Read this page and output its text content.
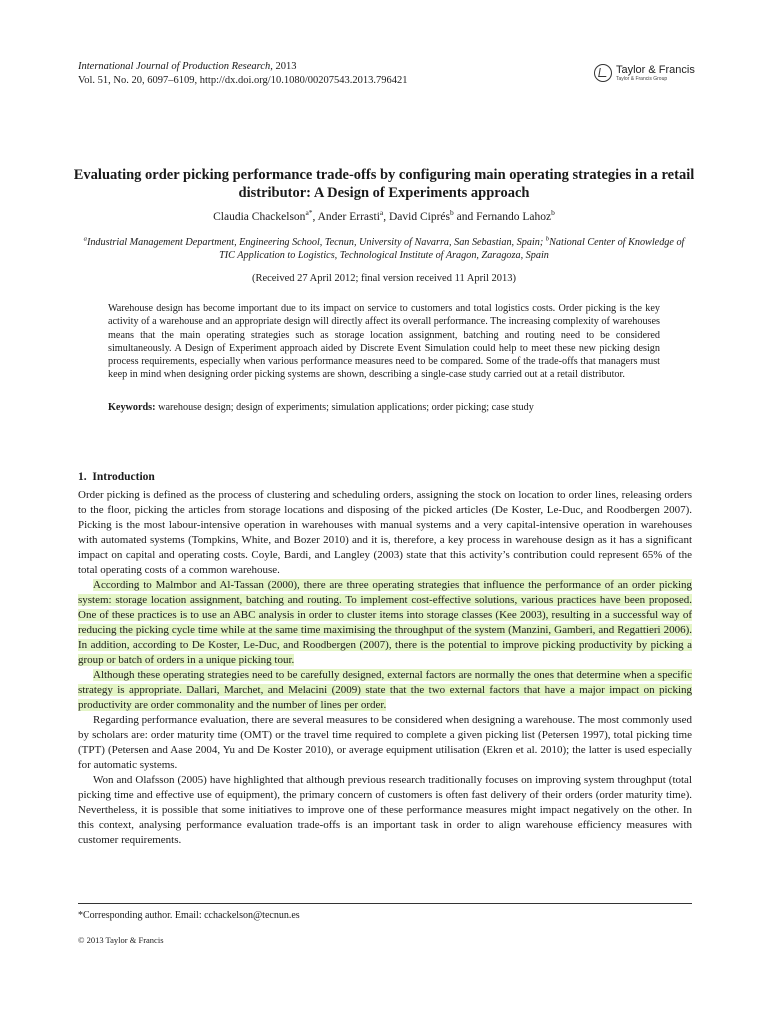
International Journal of Production Research, 2013
Vol. 51, No. 20, 6097–6109, http://dx.doi.org/10.1080/00207543.2013.796421
Taylor & Francis
Taylor & Francis Group
Evaluating order picking performance trade-offs by configuring main operating strategies in a retail distributor: A Design of Experiments approach
Claudia Chackelson$^{a*}$, Ander Errasti$^a$, David Ciprés$^b$ and Fernando Lahoz$^b$
$^a$Industrial Management Department, Engineering School, Tecnun, University of Navarra, San Sebastian, Spain; $^b$National Center of Knowledge of TIC Application to Logistics, Technological Institute of Aragon, Zaragoza, Spain
(Received 27 April 2012; final version received 11 April 2013)
Warehouse design has become important due to its impact on service to customers and total logistics costs. Order picking is the key activity of a warehouse and an appropriate design will directly affect its overall performance. The increasing complexity of warehouses means that the main operating strategies such as storage location assignment, batching and routing need to be considered simultaneously. A Design of Experiment approach aided by Discrete Event Simulation could help to meet these new picking design process requirements, especially when various performance measures need to be compared. Some of the trade-offs that managers must keep in mind when designing order picking systems are shown, describing a single-case study carried out at a retail distributor.
Keywords: warehouse design; design of experiments; simulation applications; order picking; case study
1. Introduction

Order picking is defined as the process of clustering and scheduling orders, assigning the stock on location to order lines, releasing orders to the floor, picking the articles from storage locations and disposing of the picked articles (De Koster, Le-Duc, and Roodbergen 2007). Picking is the most labour-intensive operation in warehouses with manual systems and a very capital-intensive operation in warehouses with automated systems (Tompkins, White, and Bozer 2010) and it is, therefore, a key process in warehouse design as it has a significant impact on capital and operating costs. Coyle, Bardi, and Langley (2003) state that this activity’s contribution could represent 65% of the total operating costs of a common warehouse.

According to Malmbor and Al-Tassan (2000), there are three operating strategies that influence the performance of an order picking system: storage location assignment, batching and routing. To implement cost-effective solutions, various practices have been proposed. One of these practices is to use an ABC analysis in order to cluster items into storage classes (Kee 2003), resulting in a successful way of reducing the picking cycle time while at the same time maximising the throughput of the system (Manzini, Gamberi, and Regattieri 2006). In addition, according to De Koster, Le-Duc, and Roodbergen (2007), there is the potential to improve picking productivity by picking a group or batch of orders in a unique picking tour.

Although these operating strategies need to be carefully designed, external factors are normally the ones that determine when a specific strategy is appropriate. Dallari, Marchet, and Melacini (2009) state that the two external factors that have a major impact on picking productivity are order commonality and the number of lines per order.

Regarding performance evaluation, there are several measures to be considered when designing a warehouse. The most commonly used by scholars are: order maturity time (OMT) or the travel time required to complete a given picking list (Petersen 1997), total picking time (TPT) (Petersen and Aase 2004, Yu and De Koster 2010), or average equipment utilisation (Ekren et al. 2010); the latter is used especially for automatic systems.

Won and Olafsson (2005) have highlighted that although previous research traditionally focuses on improving system throughput (total picking time and effective use of equipment), the primary concern of customers is often fast delivery of their orders (order maturity time). Nevertheless, it is possible that some initiatives to improve one of these performance measures might impact negatively on the other. In this context, analysing performance evaluation trade-offs is an important task in order to align warehouse efficiency measures with customer requirements.

*Corresponding author. Email: cchackelson@tecnun.es
© 2013 Taylor & Francis
